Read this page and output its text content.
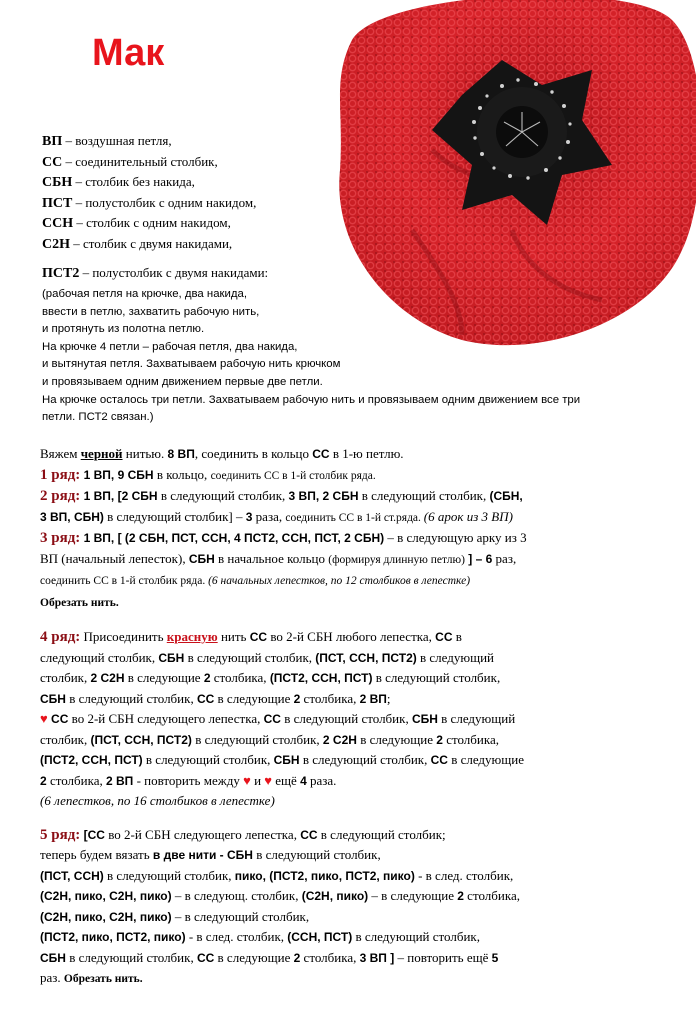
Мак
ВП – воздушная петля,
СС – соединительный столбик,
СБН – столбик без накида,
ПСТ – полустолбик с одним накидом,
ССН – столбик с одним накидом,
С2Н – столбик с двумя накидами,
ПСТ2 – полустолбик с двумя накидами:
(рабочая петля на крючке, два накида,
ввести в петлю, захватить рабочую нить,
и протянуть из полотна петлю.
На крючке 4 петли – рабочая петля, два накида,
и вытянутая петля. Захватываем рабочую нить крючком
и провязываем одним движением первые две петли.
На крючке осталось три петли. Захватываем рабочую нить и провязываем одним движением все три
петли. ПСТ2 связан.)
Вяжем черной нитью. 8 ВП, соединить в кольцо СС в 1-ю петлю.
1 ряд: 1 ВП, 9 СБН в кольцо, соединить СС в 1-й столбик ряда.
2 ряд: 1 ВП, [2 СБН в следующий столбик, 3 ВП, 2 СБН в следующий столбик, (СБН,
3 ВП, СБН) в следующий столбик] – 3 раза, соединить СС в 1-й ст.ряда. (6 арок из 3 ВП)
3 ряд: 1 ВП, [ (2 СБН, ПСТ, ССН, 4 ПСТ2, ССН, ПСТ, 2 СБН) – в следующую арку из 3
ВП (начальный лепесток), СБН в начальное кольцо (формируя длинную петлю) ] – 6 раз,
соединить СС в 1-й столбик ряда. (6 начальных лепестков, по 12 столбиков в лепестке)
Обрезать нить.
4 ряд: Присоединить красную нить СС во 2-й СБН любого лепестка, СС в
следующий столбик, СБН в следующий столбик, (ПСТ, ССН, ПСТ2) в следующий
столбик, 2 С2Н в следующие 2 столбика, (ПСТ2, ССН, ПСТ) в следующий столбик,
СБН в следующий столбик, СС в следующие 2 столбика, 2 ВП;
♥ СС во 2-й СБН следующего лепестка, СС в следующий столбик, СБН в следующий
столбик, (ПСТ, ССН, ПСТ2) в следующий столбик, 2 С2Н в следующие 2 столбика,
(ПСТ2, ССН, ПСТ) в следующий столбик, СБН в следующий столбик, СС в следующие
2 столбика, 2 ВП - повторить между ♥ и ♥ ещё 4 раза.
(6 лепестков, по 16 столбиков в лепестке)
5 ряд: [СС во 2-й СБН следующего лепестка, СС в следующий столбик;
теперь будем вязать в две нити - СБН в следующий столбик,
(ПСТ, ССН) в следующий столбик, пико, (ПСТ2, пико, ПСТ2, пико) - в след. столбик,
(С2Н, пико, С2Н, пико) – в следующ. столбик, (С2Н, пико) – в следующие 2 столбика,
(С2Н, пико, С2Н, пико) – в следующий столбик,
(ПСТ2, пико, ПСТ2, пико) - в след. столбик, (ССН, ПСТ) в следующий столбик,
СБН в следующий столбик, СС в следующие 2 столбика, 3 ВП ] – повторить ещё 5
раз. Обрезать нить.
